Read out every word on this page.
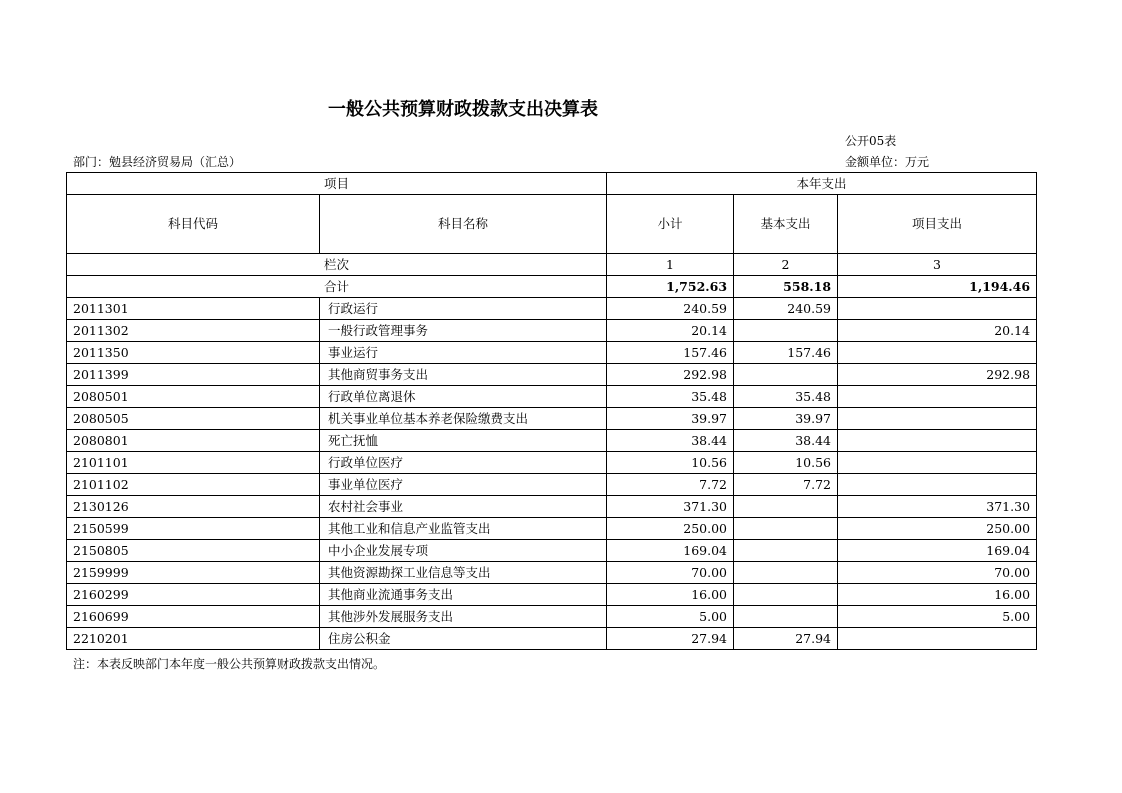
一般公共预算财政拨款支出决算表
公开05表
部门：勉县经济贸易局（汇总）	金额单位：万元
项目		本年支出		
科目代码	科目名称	小计	基本支出	项目支出
栏次		1	2	3
合计		1,752.63	558.18	1,194.46
2011301	行政运行	240.59	240.59	
2011302	一般行政管理事务	20.14		20.14
2011350	事业运行	157.46	157.46	
2011399	其他商贸事务支出	292.98		292.98
2080501	行政单位离退休	35.48	35.48	
2080505	机关事业单位基本养老保险缴费支出	39.97	39.97	
2080801	死亡抚恤	38.44	38.44	
2101101	行政单位医疗	10.56	10.56	
2101102	事业单位医疗	7.72	7.72	
2130126	农村社会事业	371.30		371.30
2150599	其他工业和信息产业监管支出	250.00		250.00
2150805	中小企业发展专项	169.04		169.04
2159999	其他资源勘探工业信息等支出	70.00		70.00
2160299	其他商业流通事务支出	16.00		16.00
2160699	其他涉外发展服务支出	5.00		5.00
2210201	住房公积金	27.94	27.94	
注：本表反映部门本年度一般公共预算财政拨款支出情况。
